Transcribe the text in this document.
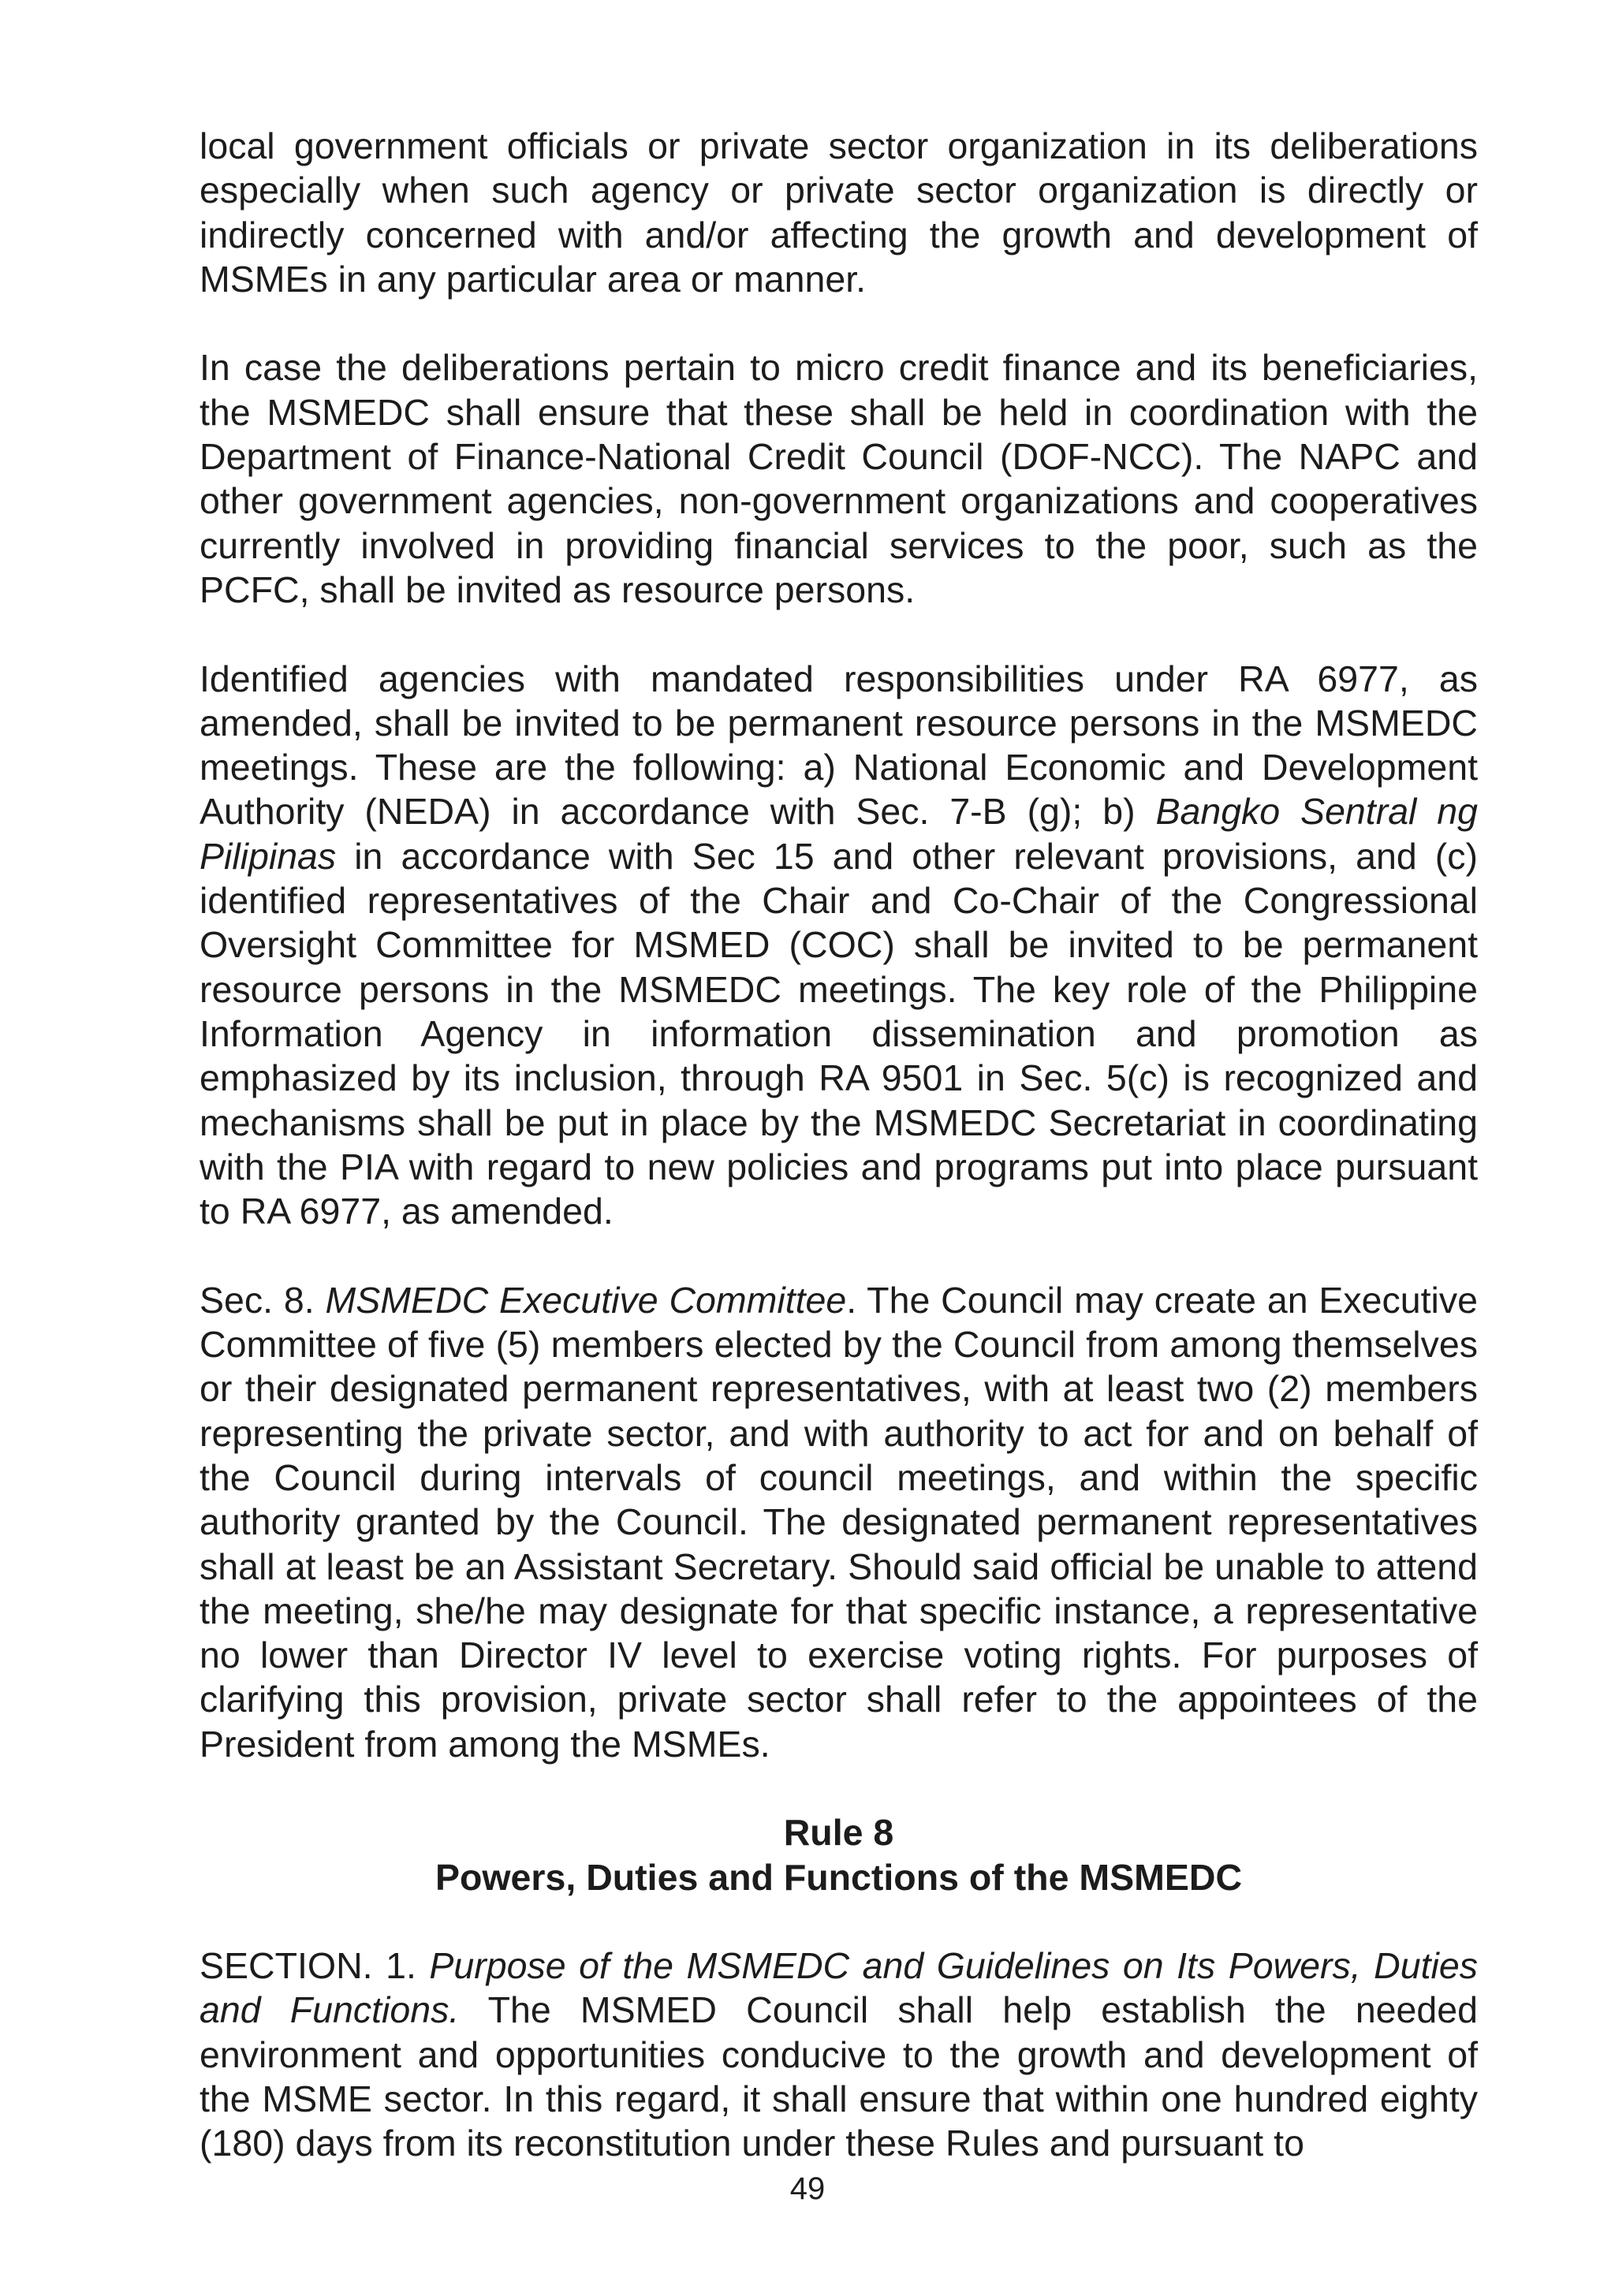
local government officials or private sector organization in its deliberations especially when such agency or private sector organization is directly or indirectly concerned with and/or affecting the growth and development of MSMEs in any particular area or manner.

In case the deliberations pertain to micro credit finance and its beneficiaries, the MSMEDC shall ensure that these shall be held in coordination with the Department of Finance-National Credit Council (DOF-NCC). The NAPC and other government agencies, non-government organizations and cooperatives currently involved in providing financial services to the poor, such as the PCFC, shall be invited as resource persons.

Identified agencies with mandated responsibilities under RA 6977, as amended, shall be invited to be permanent resource persons in the MSMEDC meetings. These are the following: a) National Economic and Development Authority (NEDA) in accordance with Sec. 7-B (g); b) Bangko Sentral ng Pilipinas in accordance with Sec 15 and other relevant provisions, and (c) identified representatives of the Chair and Co-Chair of the Congressional Oversight Committee for MSMED (COC) shall be invited to be permanent resource persons in the MSMEDC meetings. The key role of the Philippine Information Agency in information dissemination and promotion as emphasized by its inclusion, through RA 9501 in Sec. 5(c) is recognized and mechanisms shall be put in place by the MSMEDC Secretariat in coordinating with the PIA with regard to new policies and programs put into place pursuant to RA 6977, as amended.

Sec. 8. MSMEDC Executive Committee. The Council may create an Executive Committee of five (5) members elected by the Council from among themselves or their designated permanent representatives, with at least two (2) members representing the private sector, and with authority to act for and on behalf of the Council during intervals of council meetings, and within the specific authority granted by the Council. The designated permanent representatives shall at least be an Assistant Secretary. Should said official be unable to attend the meeting, she/he may designate for that specific instance, a representative no lower than Director IV level to exercise voting rights. For purposes of clarifying this provision, private sector shall refer to the appointees of the President from among the MSMEs.

Rule 8
Powers, Duties and Functions of the MSMEDC

SECTION. 1. Purpose of the MSMEDC and Guidelines on Its Powers, Duties and Functions. The MSMED Council shall help establish the needed environment and opportunities conducive to the growth and development of the MSME sector. In this regard, it shall ensure that within one hundred eighty (180) days from its reconstitution under these Rules and pursuant to

49
